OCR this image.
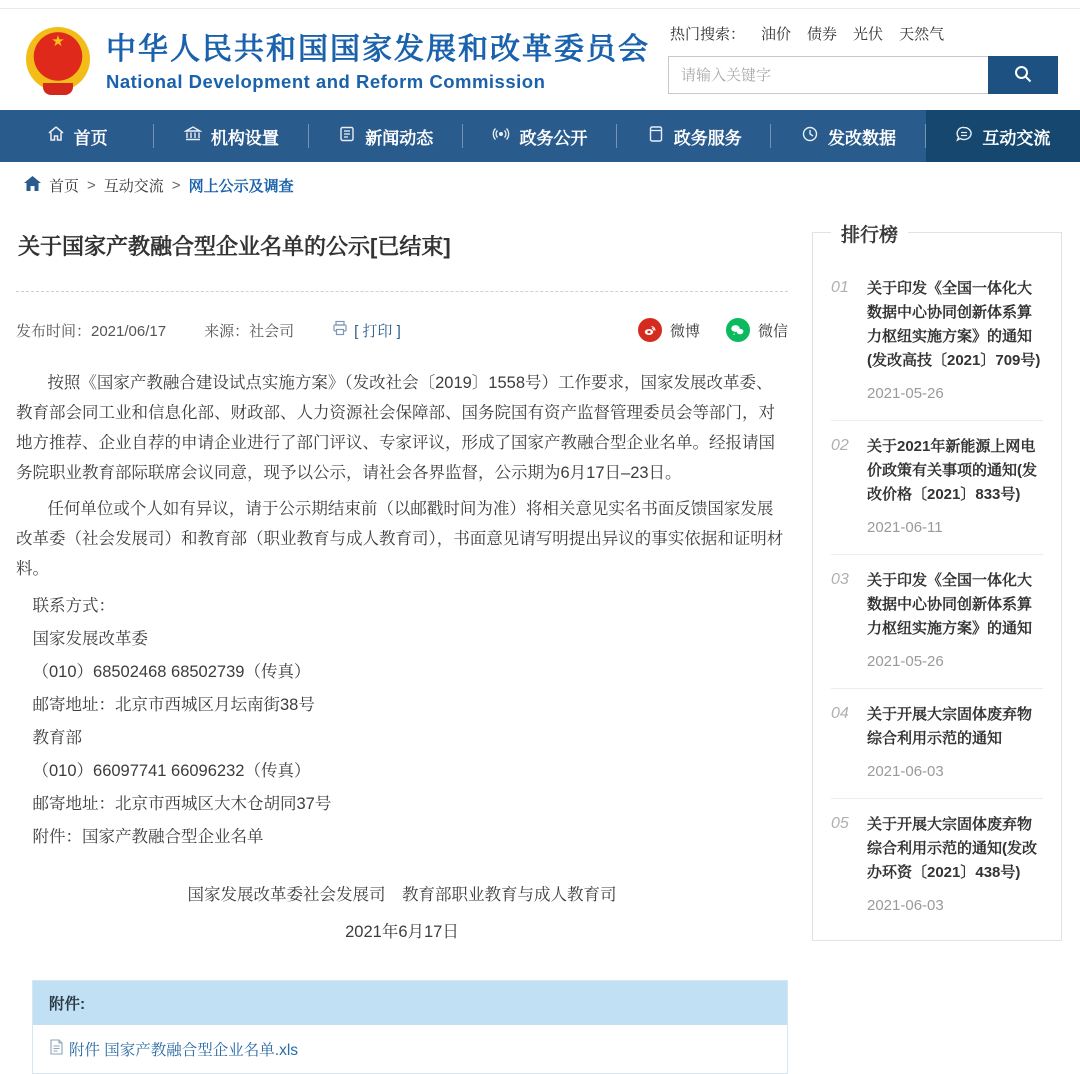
★
中华人民共和国国家发展和改革委员会
National Development and Reform Commission
热门搜索： 油价 债券 光伏 天然气
请输入关键字
首页	机构设置	新闻动态	政务公开	政务服务	发改数据	互动交流
首页 > 互动交流 > 网上公示及调查
关于国家产教融合型企业名单的公示[已结束]
发布时间：2021/06/17	来源：社会司	[ 打印 ]	微博	微信

按照《国家产教融合建设试点实施方案》（发改社会〔2019〕1558号）工作要求，国家发展改革委、教育部会同工业和信息化部、财政部、人力资源社会保障部、国务院国有资产监督管理委员会等部门，对地方推荐、企业自荐的申请企业进行了部门评议、专家评议，形成了国家产教融合型企业名单。经报请国务院职业教育部际联席会议同意，现予以公示，请社会各界监督，公示期为6月17日–23日。

任何单位或个人如有异议，请于公示期结束前（以邮戳时间为准）将相关意见实名书面反馈国家发展改革委（社会发展司）和教育部（职业教育与成人教育司），书面意见请写明提出异议的事实依据和证明材料。

联系方式：

国家发展改革委

（010）68502468 68502739（传真）

邮寄地址：北京市西城区月坛南街38号

教育部

（010）66097741 66096232（传真）

邮寄地址：北京市西城区大木仓胡同37号

附件：国家产教融合型企业名单

国家发展改革委社会发展司　教育部职业教育与成人教育司

2021年6月17日

附件:
附件 国家产教融合型企业名单.xls
排行榜
01	关于印发《全国一体化大数据中心协同创新体系算力枢纽实施方案》的通知(发改高技〔2021〕709号)
2021-05-26
02	关于2021年新能源上网电价政策有关事项的通知(发改价格〔2021〕833号)
2021-06-11
03	关于印发《全国一体化大数据中心协同创新体系算力枢纽实施方案》的通知
2021-05-26
04	关于开展大宗固体废弃物综合利用示范的通知
2021-06-03
05	关于开展大宗固体废弃物综合利用示范的通知(发改办环资〔2021〕438号)
2021-06-03
